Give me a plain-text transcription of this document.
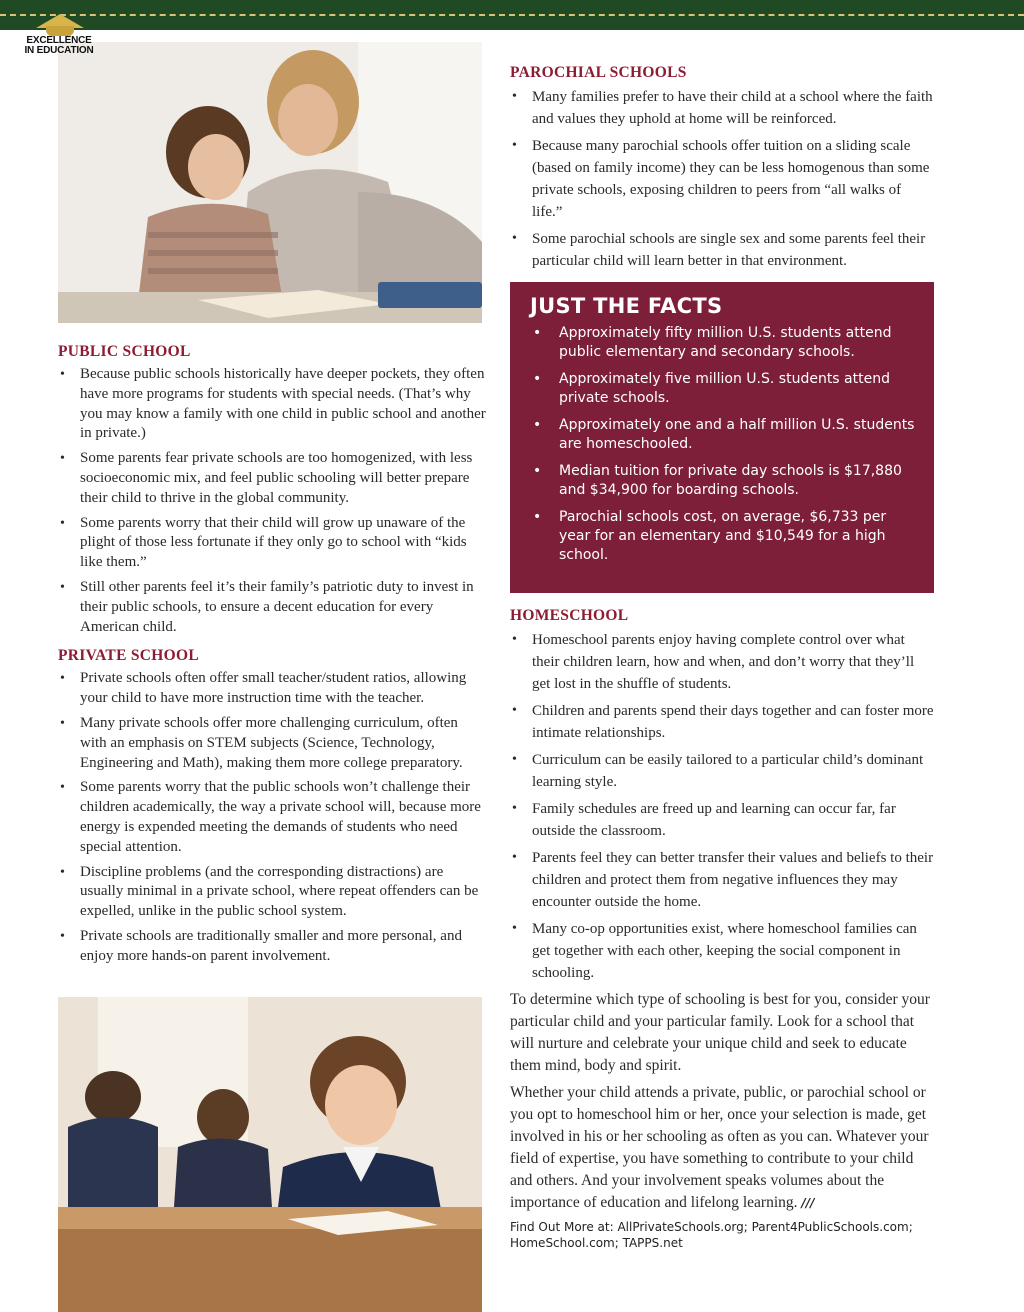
EXCELLENCE
IN EDUCATION
PUBLIC SCHOOL
• Because public schools historically have deeper pockets, they often have more programs for students with special needs. (That’s why you may know a family with one child in public school and another in private.)
• Some parents fear private schools are too homogenized, with less socioeconomic mix, and feel public schooling will better prepare their child to thrive in the global community.
• Some parents worry that their child will grow up unaware of the plight of those less fortunate if they only go to school with “kids like them.”
• Still other parents feel it’s their family’s patriotic duty to invest in their public schools, to ensure a decent education for every American child.
PRIVATE SCHOOL
• Private schools often offer small teacher/student ratios, allowing your child to have more instruction time with the teacher.
• Many private schools offer more challenging curriculum, often with an emphasis on STEM subjects (Science, Technology, Engineering and Math), making them more college preparatory.
• Some parents worry that the public schools won’t challenge their children academically, the way a private school will, because more energy is expended meeting the demands of students who need special attention.
• Discipline problems (and the corresponding distractions) are usually minimal in a private school, where repeat offenders can be expelled, unlike in the public school system.
• Private schools are traditionally smaller and more personal, and enjoy more hands-on parent involvement.
PAROCHIAL SCHOOLS
• Many families prefer to have their child at a school where the faith and values they uphold at home will be reinforced.
• Because many parochial schools offer tuition on a sliding scale (based on family income) they can be less homogenous than some private schools, exposing children to peers from “all walks of life.”
• Some parochial schools are single sex and some parents feel their particular child will learn better in that environment.
JUST THE FACTS
• Approximately fifty million U.S. students attend public elementary and secondary schools.
• Approximately five million U.S. students attend private schools.
• Approximately one and a half million U.S. students are homeschooled.
• Median tuition for private day schools is $17,880 and $34,900 for boarding schools.
• Parochial schools cost, on average, $6,733 per year for an elementary and $10,549 for a high school.
HOMESCHOOL
• Homeschool parents enjoy having complete control over what their children learn, how and when, and don’t worry that they’ll get lost in the shuffle of students.
• Children and parents spend their days together and can foster more intimate relationships.
• Curriculum can be easily tailored to a particular child’s dominant learning style.
• Family schedules are freed up and learning can occur far, far outside the classroom.
• Parents feel they can better transfer their values and beliefs to their children and protect them from negative influences they may encounter outside the home.
• Many co-op opportunities exist, where homeschool families can get together with each other, keeping the social component in schooling.

To determine which type of schooling is best for you, consider your particular child and your particular family. Look for a school that will nurture and celebrate your unique child and seek to educate them mind, body and spirit.

Whether your child attends a private, public, or parochial school or you opt to homeschool him or her, once your selection is made, get involved in his or her schooling as often as you can. Whatever your field of expertise, you have something to contribute to your child and others. And your involvement speaks volumes about the importance of education and lifelong learning. ///

Find Out More at: AllPrivateSchools.org; Parent4PublicSchools.com; HomeSchool.com; TAPPS.net
